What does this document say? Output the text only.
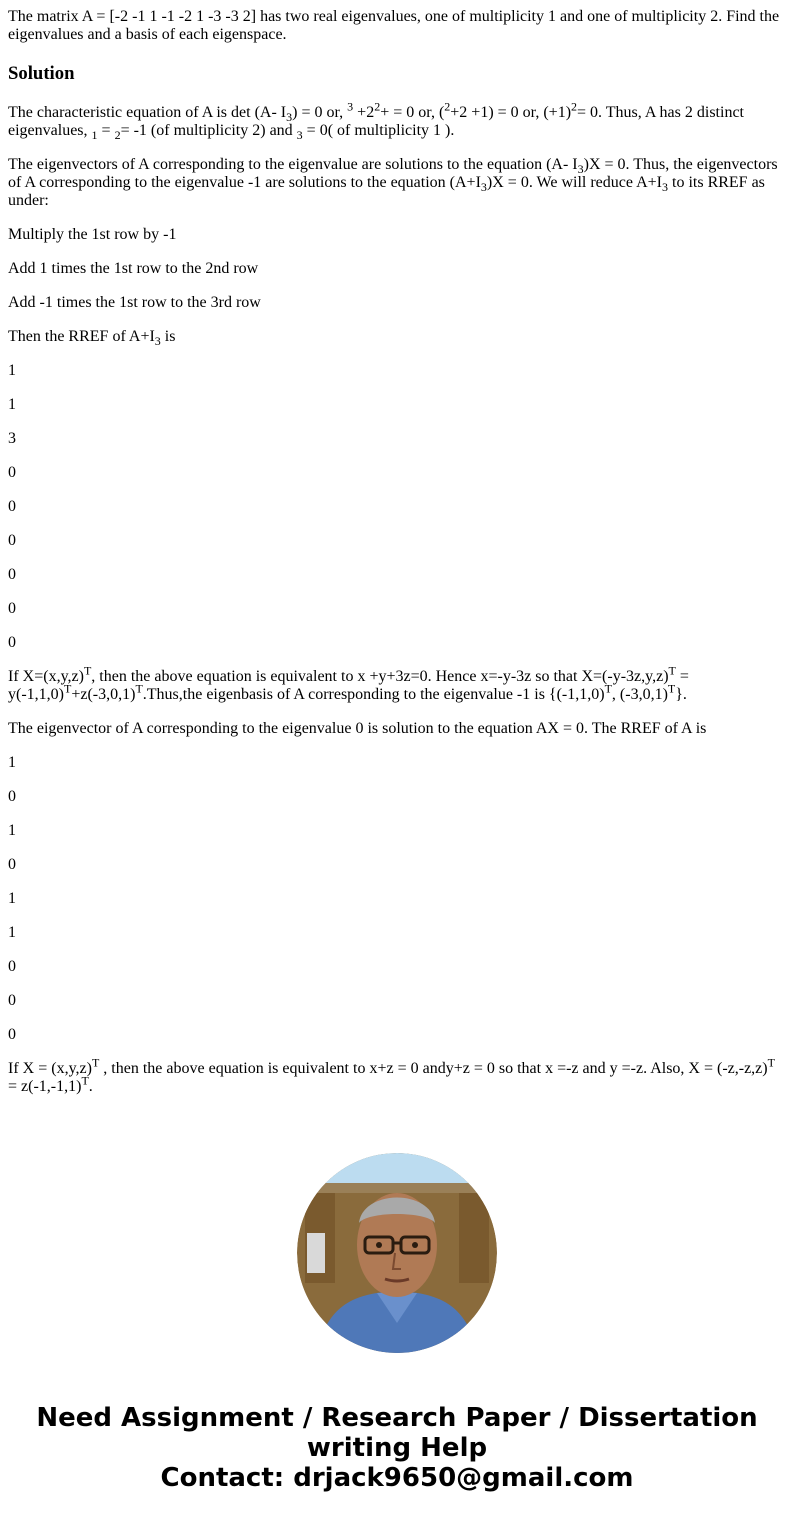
The matrix A = [-2 -1 1 -1 -2 1 -3 -3 2] has two real eigenvalues, one of multiplicity 1 and one of multiplicity 2. Find the eigenvalues and a basis of each eigenspace.

Solution

The characteristic equation of A is det (A- $I_3) = 0$ or, $^3 +2^2+ = 0$ or, ($^2$+2 +1) = 0 or, $(+1)^2= 0$. Thus, A has 2 distinct eigenvalues, $_1$ = $_2$= -1 (of multiplicity 2) and $_3$ = 0( of multiplicity 1 ).

The eigenvectors of A corresponding to the eigenvalue are solutions to the equation (A- $I_3)X = 0$. Thus, the eigenvectors of A corresponding to the eigenvalue -1 are solutions to the equation $(A+I_3)X = 0$. We will reduce $A+I_3$ to its RREF as under:

Multiply the 1st row by -1

Add 1 times the 1st row to the 2nd row

Add -1 times the 1st row to the 3rd row

Then the RREF of $A+I_3$ is

1

1

3

0

0

0

0

0

0

If $X=(x,y,z)^T$, then the above equation is equivalent to x +y+3z=0. Hence x=-y-3z so that $X=(-y-3z,y,z)^T$ = $y(-1,1,0)^T+z(-3,0,1)^T.Thus,the$ eigenbasis of A corresponding to the eigenvalue -1 is {$(-1,1,0)^T$, $(-3,0,1)^T$}.

The eigenvector of A corresponding to the eigenvalue 0 is solution to the equation AX = 0. The RREF of A is

1

0

1

0

1

1

0

0

0

If $X = (x,y,z)^T$ , then the above equation is equivalent to x+z = 0 andy+z = 0 so that x =-z and y =-z. Also, $X = (-z,-z,z)^T = z(-1,-1,1)^T$.

Need Assignment / Research Paper / Dissertation
writing Help
Contact: drjack9650@gmail.com
